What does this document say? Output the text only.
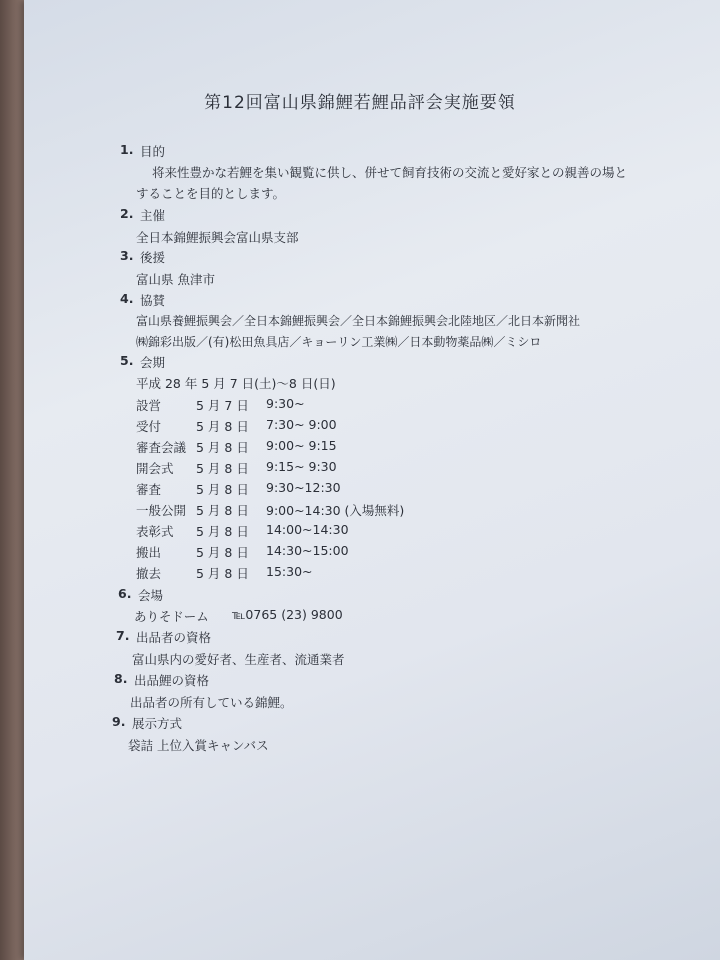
第12回富山県錦鯉若鯉品評会実施要領
1. 目的
将来性豊かな若鯉を集い観覧に供し、併せて飼育技術の交流と愛好家との親善の場と
することを目的とします。
2. 主催
全日本錦鯉振興会富山県支部
3. 後援
富山県 魚津市
4. 協賛
富山県養鯉振興会／全日本錦鯉振興会／全日本錦鯉振興会北陸地区／北日本新聞社
㈱錦彩出版／(有)松田魚具店／キョーリン工業㈱／日本動物薬品㈱／ミシロ
5. 会期
平成 28 年 5 月 7 日(土)～8 日(日)
設営	5 月 7 日 9:30~
受付	5 月 8 日 7:30~ 9:00
審査会議 5 月 8 日 9:00~ 9:15
開会式 5 月 8 日 9:15~ 9:30
審査	5 月 8 日 9:30~12:30
一般公開 5 月 8 日 9:00~14:30 (入場無料)
表彰式 5 月 8 日 14:00~14:30
搬出	5 月 8 日 14:30~15:00
撤去	5 月 8 日 15:30~
6. 会場
ありそドーム ℡0765 (23) 9800
7. 出品者の資格
富山県内の愛好者、生産者、流通業者
8. 出品鯉の資格
出品者の所有している錦鯉。
9. 展示方式
袋詰 上位入賞キャンバス
